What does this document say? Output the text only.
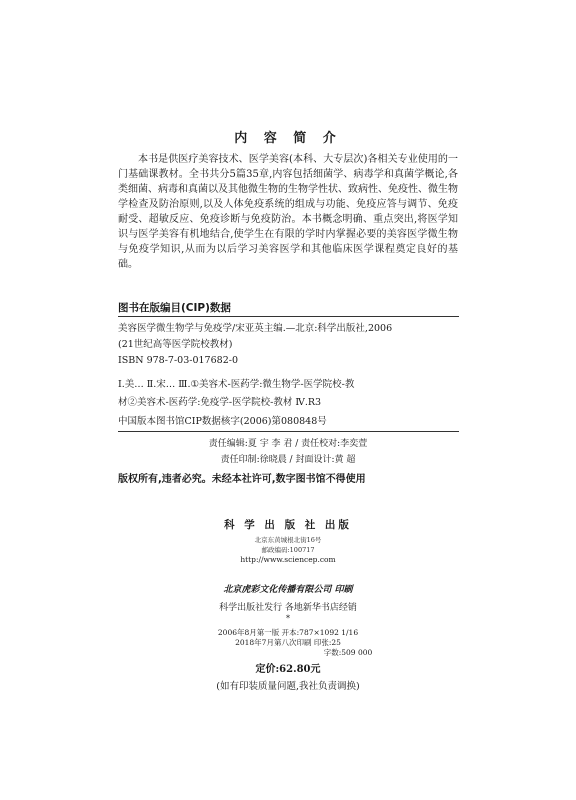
内 容 简 介
本书是供医疗美容技术、医学美容(本科、大专层次)各相关专业使用的一门基础课教材。全书共分5篇35章,内容包括细菌学、病毒学和真菌学概论,各类细菌、病毒和真菌以及其他微生物的生物学性状、致病性、免疫性、微生物学检查及防治原则,以及人体免疫系统的组成与功能、免疫应答与调节、免疫耐受、超敏反应、免疫诊断与免疫防治。本书概念明确、重点突出,将医学知识与医学美容有机地结合,使学生在有限的学时内掌握必要的美容医学微生物与免疫学知识,从而为以后学习美容医学和其他临床医学课程奠定良好的基础。
图书在版编目(CIP)数据
美容医学微生物学与免疫学/宋亚英主编.—北京:科学出版社,2006
(21世纪高等医学院校教材)
ISBN 978-7-03-017682-0
Ⅰ.美… Ⅱ.宋… Ⅲ.①美容术-医药学:微生物学-医学院校-教
材②美容术-医药学:免疫学-医学院校-教材 Ⅳ.R3
中国版本图书馆CIP数据核字(2006)第080848号
责任编辑:夏 宇 李 君 / 责任校对:李奕萱
责任印制:徐晓晨 / 封面设计:黄 超
版权所有,违者必究。未经本社许可,数字图书馆不得使用
科 学 出 版 社 出版
北京东黄城根北街16号
邮政编码:100717
http://www.sciencep.com
北京虎彩文化传播有限公司 印刷
科学出版社发行 各地新华书店经销
*
2006年8月第一版 开本:787×1092 1/16
2018年7月第八次印刷 印张:25
字数:509 000
定价:62.80元
(如有印装质量问题,我社负责调换)
